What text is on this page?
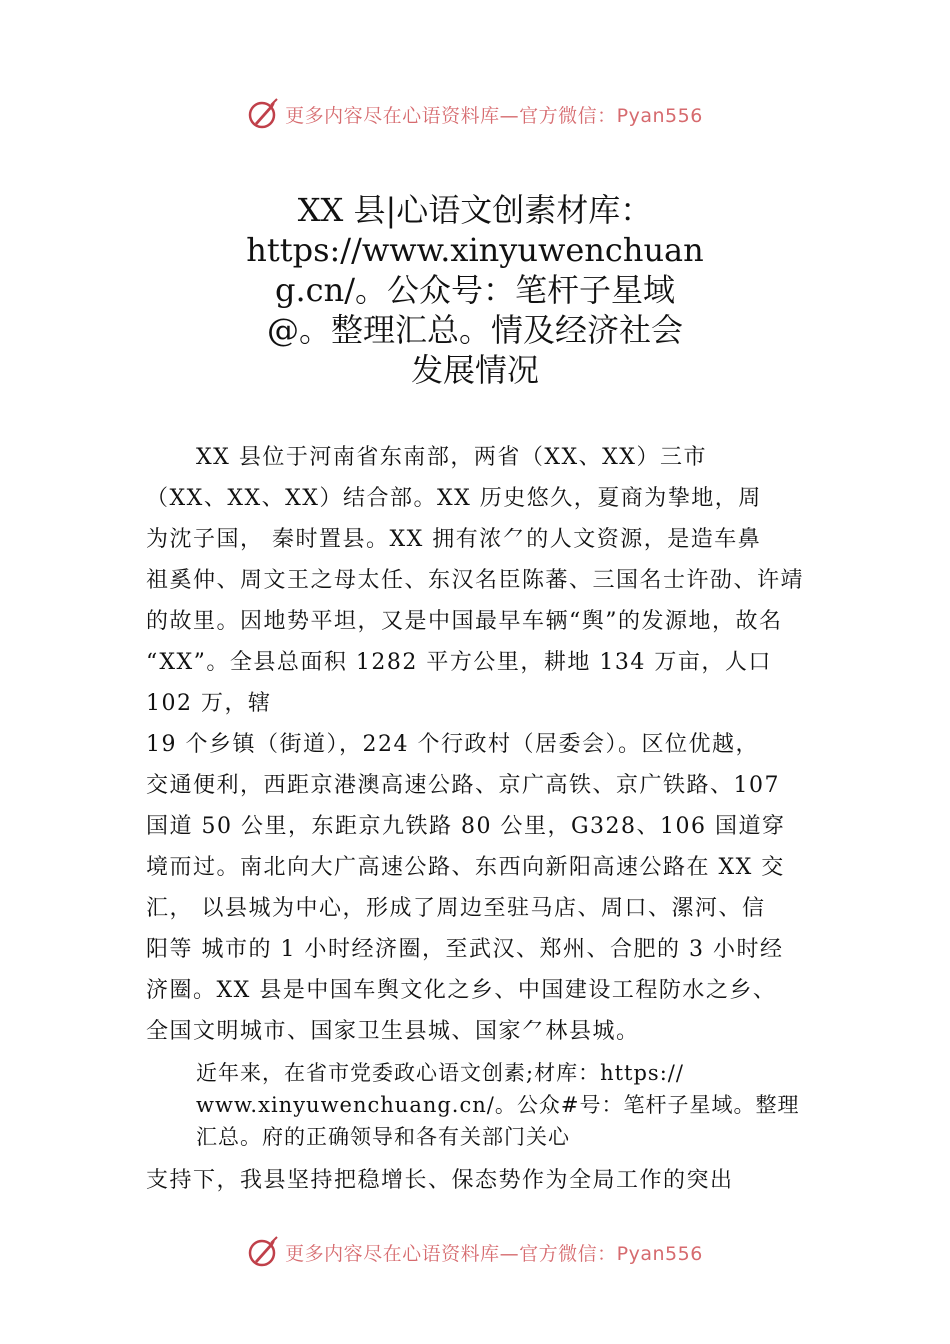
更多内容尽在心语资料库—官方微信：Pyan556
XX 县|心语文创素材库：
https://www.xinyuwenchuan
g.cn/。公众号：笔杆子星域
@。整理汇总。情及经济社会
发展情况
XX 县位于河南省东南部，两省（XX、XX）三市
（XX、XX、XX）结合部。XX 历史悠久，夏商为挚地，周
为沈子国， 秦时置县。XX 拥有浓⺈的人文资源，是造车鼻
祖奚仲、周文王之母太任、东汉名臣陈蕃、三国名士许劭、许靖
的故里。因地势平坦，又是中国最早车辆“舆”的发源地，故名
“XX”。全县总面积 1282 平方公里，耕地 134 万亩，人口
102 万，辖
19 个乡镇（街道），224 个行政村（居委会）。区位优越，
交通便利，西距京港澳高速公路、京广高铁、京广铁路、107
国道 50 公里，东距京九铁路 80 公里，G328、106 国道穿
境而过。南北向大广高速公路、东西向新阳高速公路在 XX 交
汇， 以县城为中心，形成了周边至驻马店、周口、漯河、信
阳等 城市的 1 小时经济圈，至武汉、郑州、合肥的 3 小时经
济圈。XX 县是中国车舆文化之乡、中国建设工程防水之乡、
全国文明城市、国家卫生县城、国家⺈林县城。
近年来，在省市党委政心语文创素;材库：https://
www.xinyuwenchuang.cn/。公众#号：笔杆子星域。整理
汇总。府的正确领导和各有关部门关心
支持下，我县坚持把稳增长、保态势作为全局工作的突出
更多内容尽在心语资料库—官方微信：Pyan556
